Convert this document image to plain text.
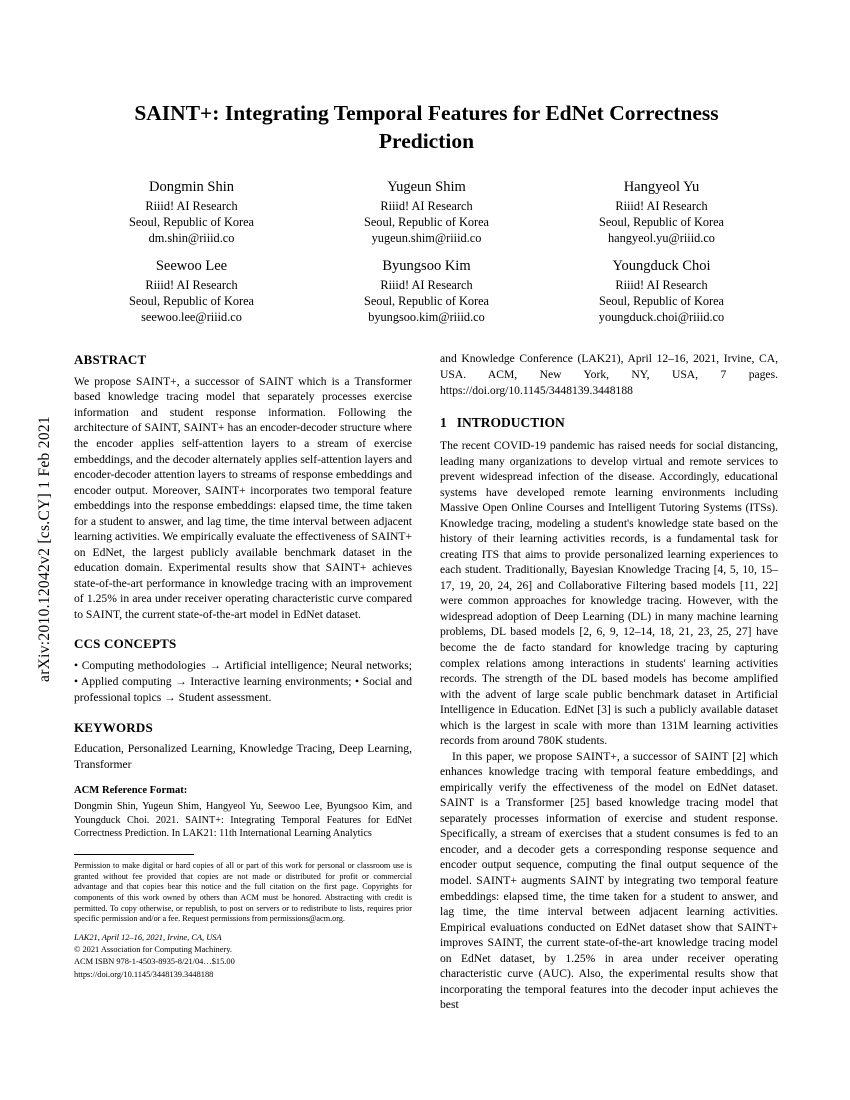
arXiv:2010.12042v2 [cs.CY] 1 Feb 2021
SAINT+: Integrating Temporal Features for EdNet Correctness Prediction
Dongmin Shin
Riiid! AI Research
Seoul, Republic of Korea
dm.shin@riiid.co
Yugeun Shim
Riiid! AI Research
Seoul, Republic of Korea
yugeun.shim@riiid.co
Hangyeol Yu
Riiid! AI Research
Seoul, Republic of Korea
hangyeol.yu@riiid.co
Seewoo Lee
Riiid! AI Research
Seoul, Republic of Korea
seewoo.lee@riiid.co
Byungsoo Kim
Riiid! AI Research
Seoul, Republic of Korea
byungsoo.kim@riiid.co
Youngduck Choi
Riiid! AI Research
Seoul, Republic of Korea
youngduck.choi@riiid.co
ABSTRACT

We propose SAINT+, a successor of SAINT which is a Transformer based knowledge tracing model that separately processes exercise information and student response information. Following the architecture of SAINT, SAINT+ has an encoder-decoder structure where the encoder applies self-attention layers to a stream of exercise embeddings, and the decoder alternately applies self-attention layers and encoder-decoder attention layers to streams of response embeddings and encoder output. Moreover, SAINT+ incorporates two temporal feature embeddings into the response embeddings: elapsed time, the time taken for a student to answer, and lag time, the time interval between adjacent learning activities. We empirically evaluate the effectiveness of SAINT+ on EdNet, the largest publicly available benchmark dataset in the education domain. Experimental results show that SAINT+ achieves state-of-the-art performance in knowledge tracing with an improvement of 1.25% in area under receiver operating characteristic curve compared to SAINT, the current state-of-the-art model in EdNet dataset.

CCS CONCEPTS

• Computing methodologies → Artificial intelligence; Neural networks; • Applied computing → Interactive learning environments; • Social and professional topics → Student assessment.

KEYWORDS

Education, Personalized Learning, Knowledge Tracing, Deep Learning, Transformer

ACM Reference Format:

Dongmin Shin, Yugeun Shim, Hangyeol Yu, Seewoo Lee, Byungsoo Kim, and Youngduck Choi. 2021. SAINT+: Integrating Temporal Features for EdNet Correctness Prediction. In LAK21: 11th International Learning Analytics

Permission to make digital or hard copies of all or part of this work for personal or classroom use is granted without fee provided that copies are not made or distributed for profit or commercial advantage and that copies bear this notice and the full citation on the first page. Copyrights for components of this work owned by others than ACM must be honored. Abstracting with credit is permitted. To copy otherwise, or republish, to post on servers or to redistribute to lists, requires prior specific permission and/or a fee. Request permissions from permissions@acm.org.

LAK21, April 12–16, 2021, Irvine, CA, USA
© 2021 Association for Computing Machinery.
ACM ISBN 978-1-4503-8935-8/21/04…$15.00
https://doi.org/10.1145/3448139.3448188

and Knowledge Conference (LAK21), April 12–16, 2021, Irvine, CA, USA. ACM, New York, NY, USA, 7 pages. https://doi.org/10.1145/3448139.3448188

1 INTRODUCTION

The recent COVID-19 pandemic has raised needs for social distancing, leading many organizations to develop virtual and remote services to prevent widespread infection of the disease. Accordingly, educational systems have developed remote learning environments including Massive Open Online Courses and Intelligent Tutoring Systems (ITSs). Knowledge tracing, modeling a student's knowledge state based on the history of their learning activities records, is a fundamental task for creating ITS that aims to provide personalized learning experiences to each student. Traditionally, Bayesian Knowledge Tracing [4, 5, 10, 15–17, 19, 20, 24, 26] and Collaborative Filtering based models [11, 22] were common approaches for knowledge tracing. However, with the widespread adoption of Deep Learning (DL) in many machine learning problems, DL based models [2, 6, 9, 12–14, 18, 21, 23, 25, 27] have become the de facto standard for knowledge tracing by capturing complex relations among interactions in students' learning activities records. The strength of the DL based models has become amplified with the advent of large scale public benchmark dataset in Artificial Intelligence in Education. EdNet [3] is such a publicly available dataset which is the largest in scale with more than 131M learning activities records from around 780K students.

In this paper, we propose SAINT+, a successor of SAINT [2] which enhances knowledge tracing with temporal feature embeddings, and empirically verify the effectiveness of the model on EdNet dataset. SAINT is a Transformer [25] based knowledge tracing model that separately processes information of exercise and student response. Specifically, a stream of exercises that a student consumes is fed to an encoder, and a decoder gets a corresponding response sequence and encoder output sequence, computing the final output sequence of the model. SAINT+ augments SAINT by integrating two temporal feature embeddings: elapsed time, the time taken for a student to answer, and lag time, the time interval between adjacent learning activities. Empirical evaluations conducted on EdNet dataset show that SAINT+ improves SAINT, the current state-of-the-art knowledge tracing model on EdNet dataset, by 1.25% in area under receiver operating characteristic curve (AUC). Also, the experimental results show that incorporating the temporal features into the decoder input achieves the best
